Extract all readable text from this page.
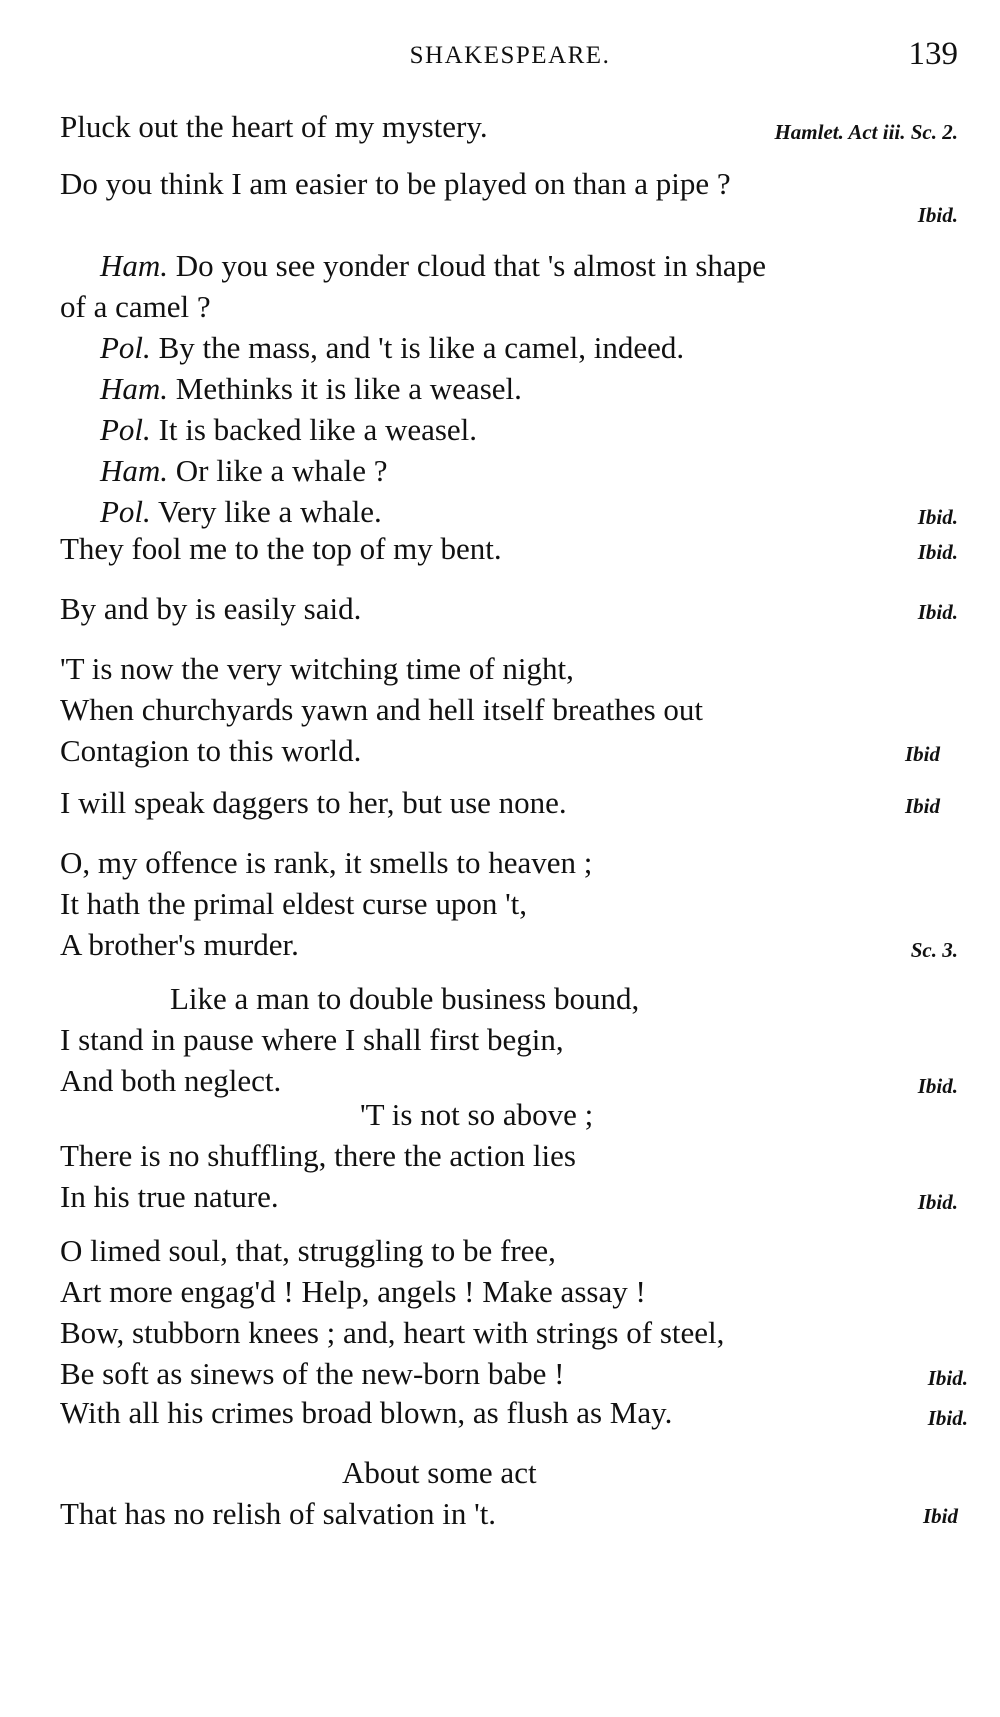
SHAKESPEARE.	139
Pluck out the heart of my mystery.	Hamlet. Act iii. Sc. 2.
Do you think I am easier to be played on than a pipe ?
Ibid.
Ham. Do you see yonder cloud that 's almost in shape
of a camel ?
Pol. By the mass, and 't is like a camel, indeed.
Ham. Methinks it is like a weasel.
Pol. It is backed like a weasel.
Ham. Or like a whale ?
Pol. Very like a whale.	Ibid.
They fool me to the top of my bent.	Ibid.
By and by is easily said.	Ibid.
'T is now the very witching time of night,
When churchyards yawn and hell itself breathes out
Contagion to this world.	Ibid
I will speak daggers to her, but use none.	Ibid
O, my offence is rank, it smells to heaven ;
It hath the primal eldest curse upon 't,
A brother's murder.	Sc. 3.
Like a man to double business bound,
I stand in pause where I shall first begin,
And both neglect.	Ibid.
'T is not so above ;
There is no shuffling, there the action lies
In his true nature.	Ibid.
O limed soul, that, struggling to be free,
Art more engag'd ! Help, angels ! Make assay !
Bow, stubborn knees ; and, heart with strings of steel,
Be soft as sinews of the new-born babe !	Ibid.
With all his crimes broad blown, as flush as May.	Ibid.
About some act
That has no relish of salvation in 't.	Ibid
